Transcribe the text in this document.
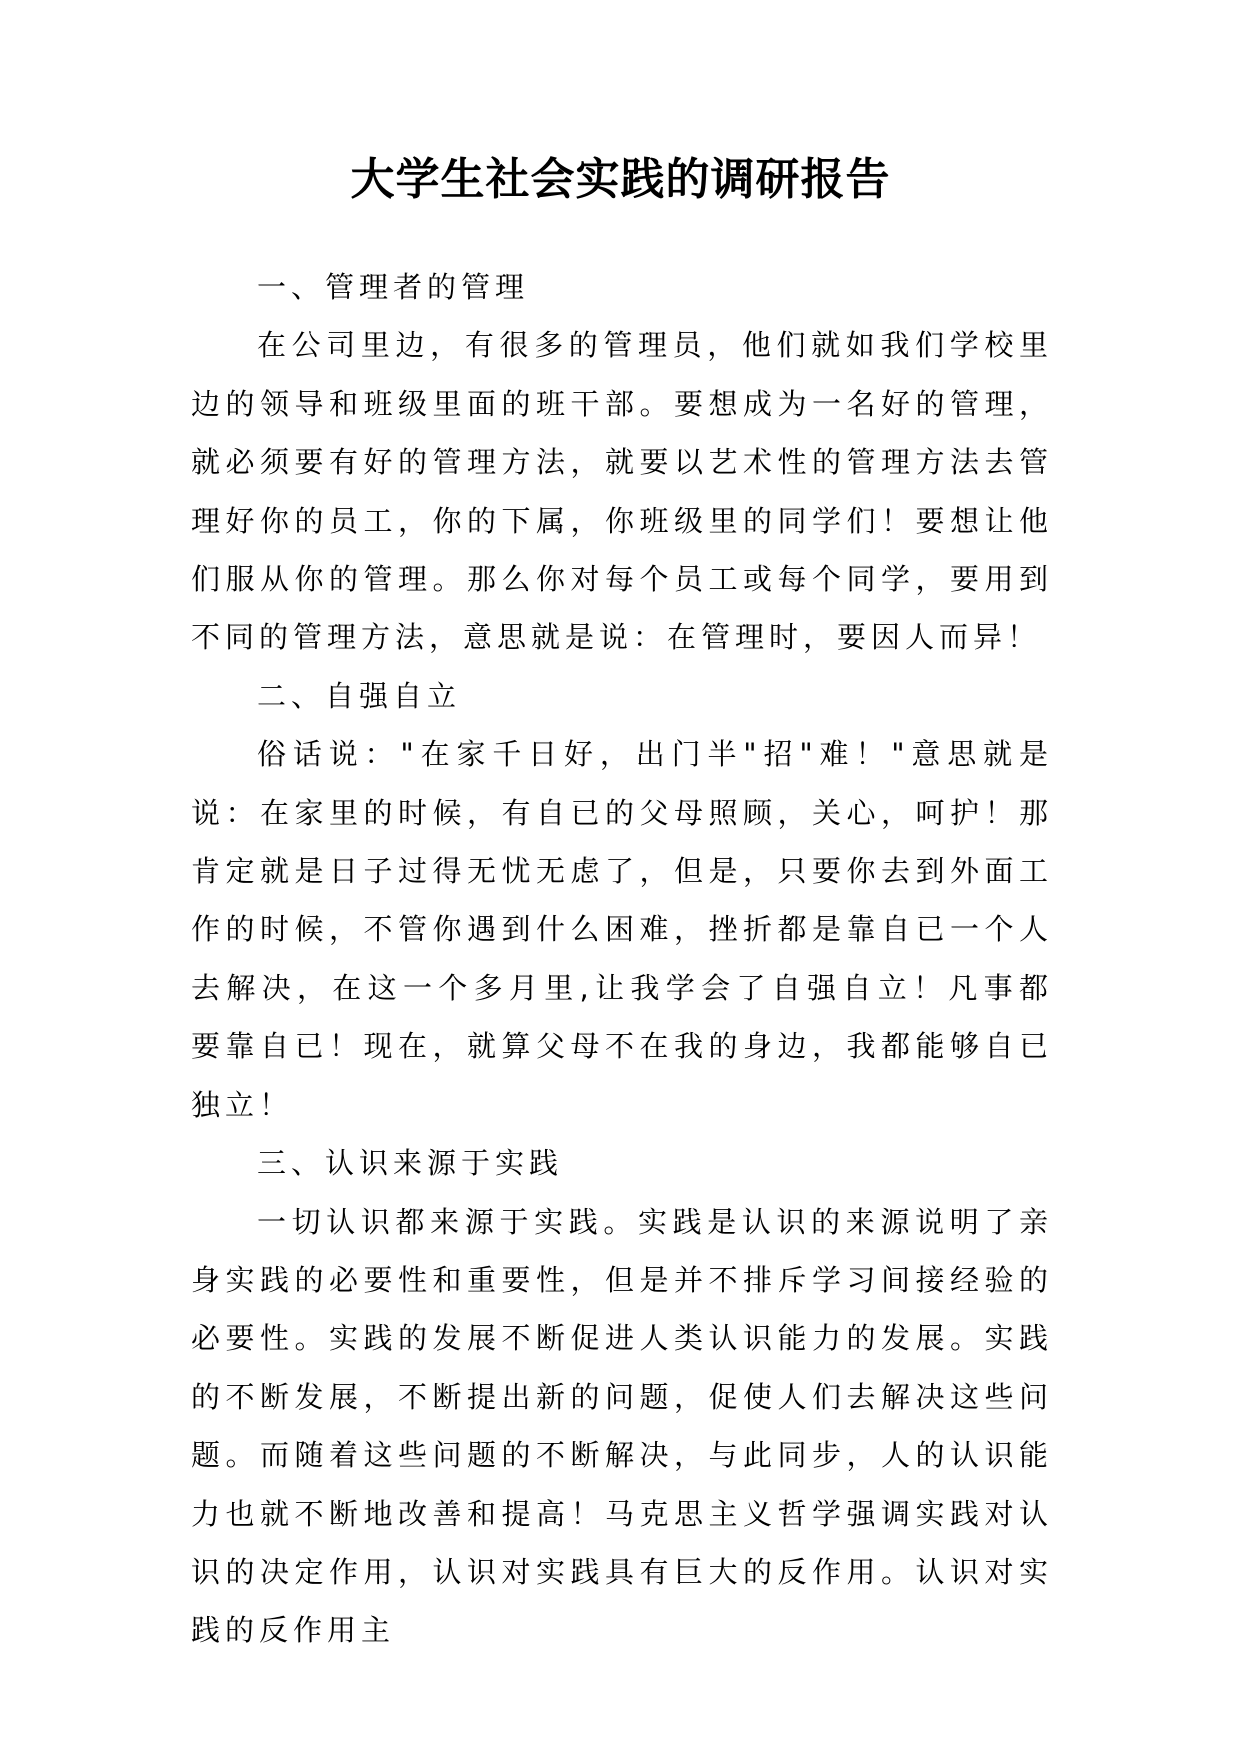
大学生社会实践的调研报告

一、管理者的管理

在公司里边，有很多的管理员，他们就如我们学校里边的领导和班级里面的班干部。要想成为一名好的管理，就必须要有好的管理方法，就要以艺术性的管理方法去管理好你的员工，你的下属，你班级里的同学们！要想让他们服从你的管理。那么你对每个员工或每个同学，要用到不同的管理方法，意思就是说：在管理时，要因人而异！

二、自强自立

俗话说："在家千日好，出门半"招"难！"意思就是说：在家里的时候，有自已的父母照顾，关心，呵护！那肯定就是日子过得无忧无虑了，但是，只要你去到外面工作的时候，不管你遇到什么困难，挫折都是靠自已一个人去解决，在这一个多月里,让我学会了自强自立！凡事都要靠自已！现在，就算父母不在我的身边，我都能够自已独立！

三、认识来源于实践

一切认识都来源于实践。实践是认识的来源说明了亲身实践的必要性和重要性，但是并不排斥学习间接经验的必要性。实践的发展不断促进人类认识能力的发展。实践的不断发展，不断提出新的问题，促使人们去解决这些问题。而随着这些问题的不断解决，与此同步，人的认识能力也就不断地改善和提高！马克思主义哲学强调实践对认识的决定作用，认识对实践具有巨大的反作用。认识对实践的反作用主
